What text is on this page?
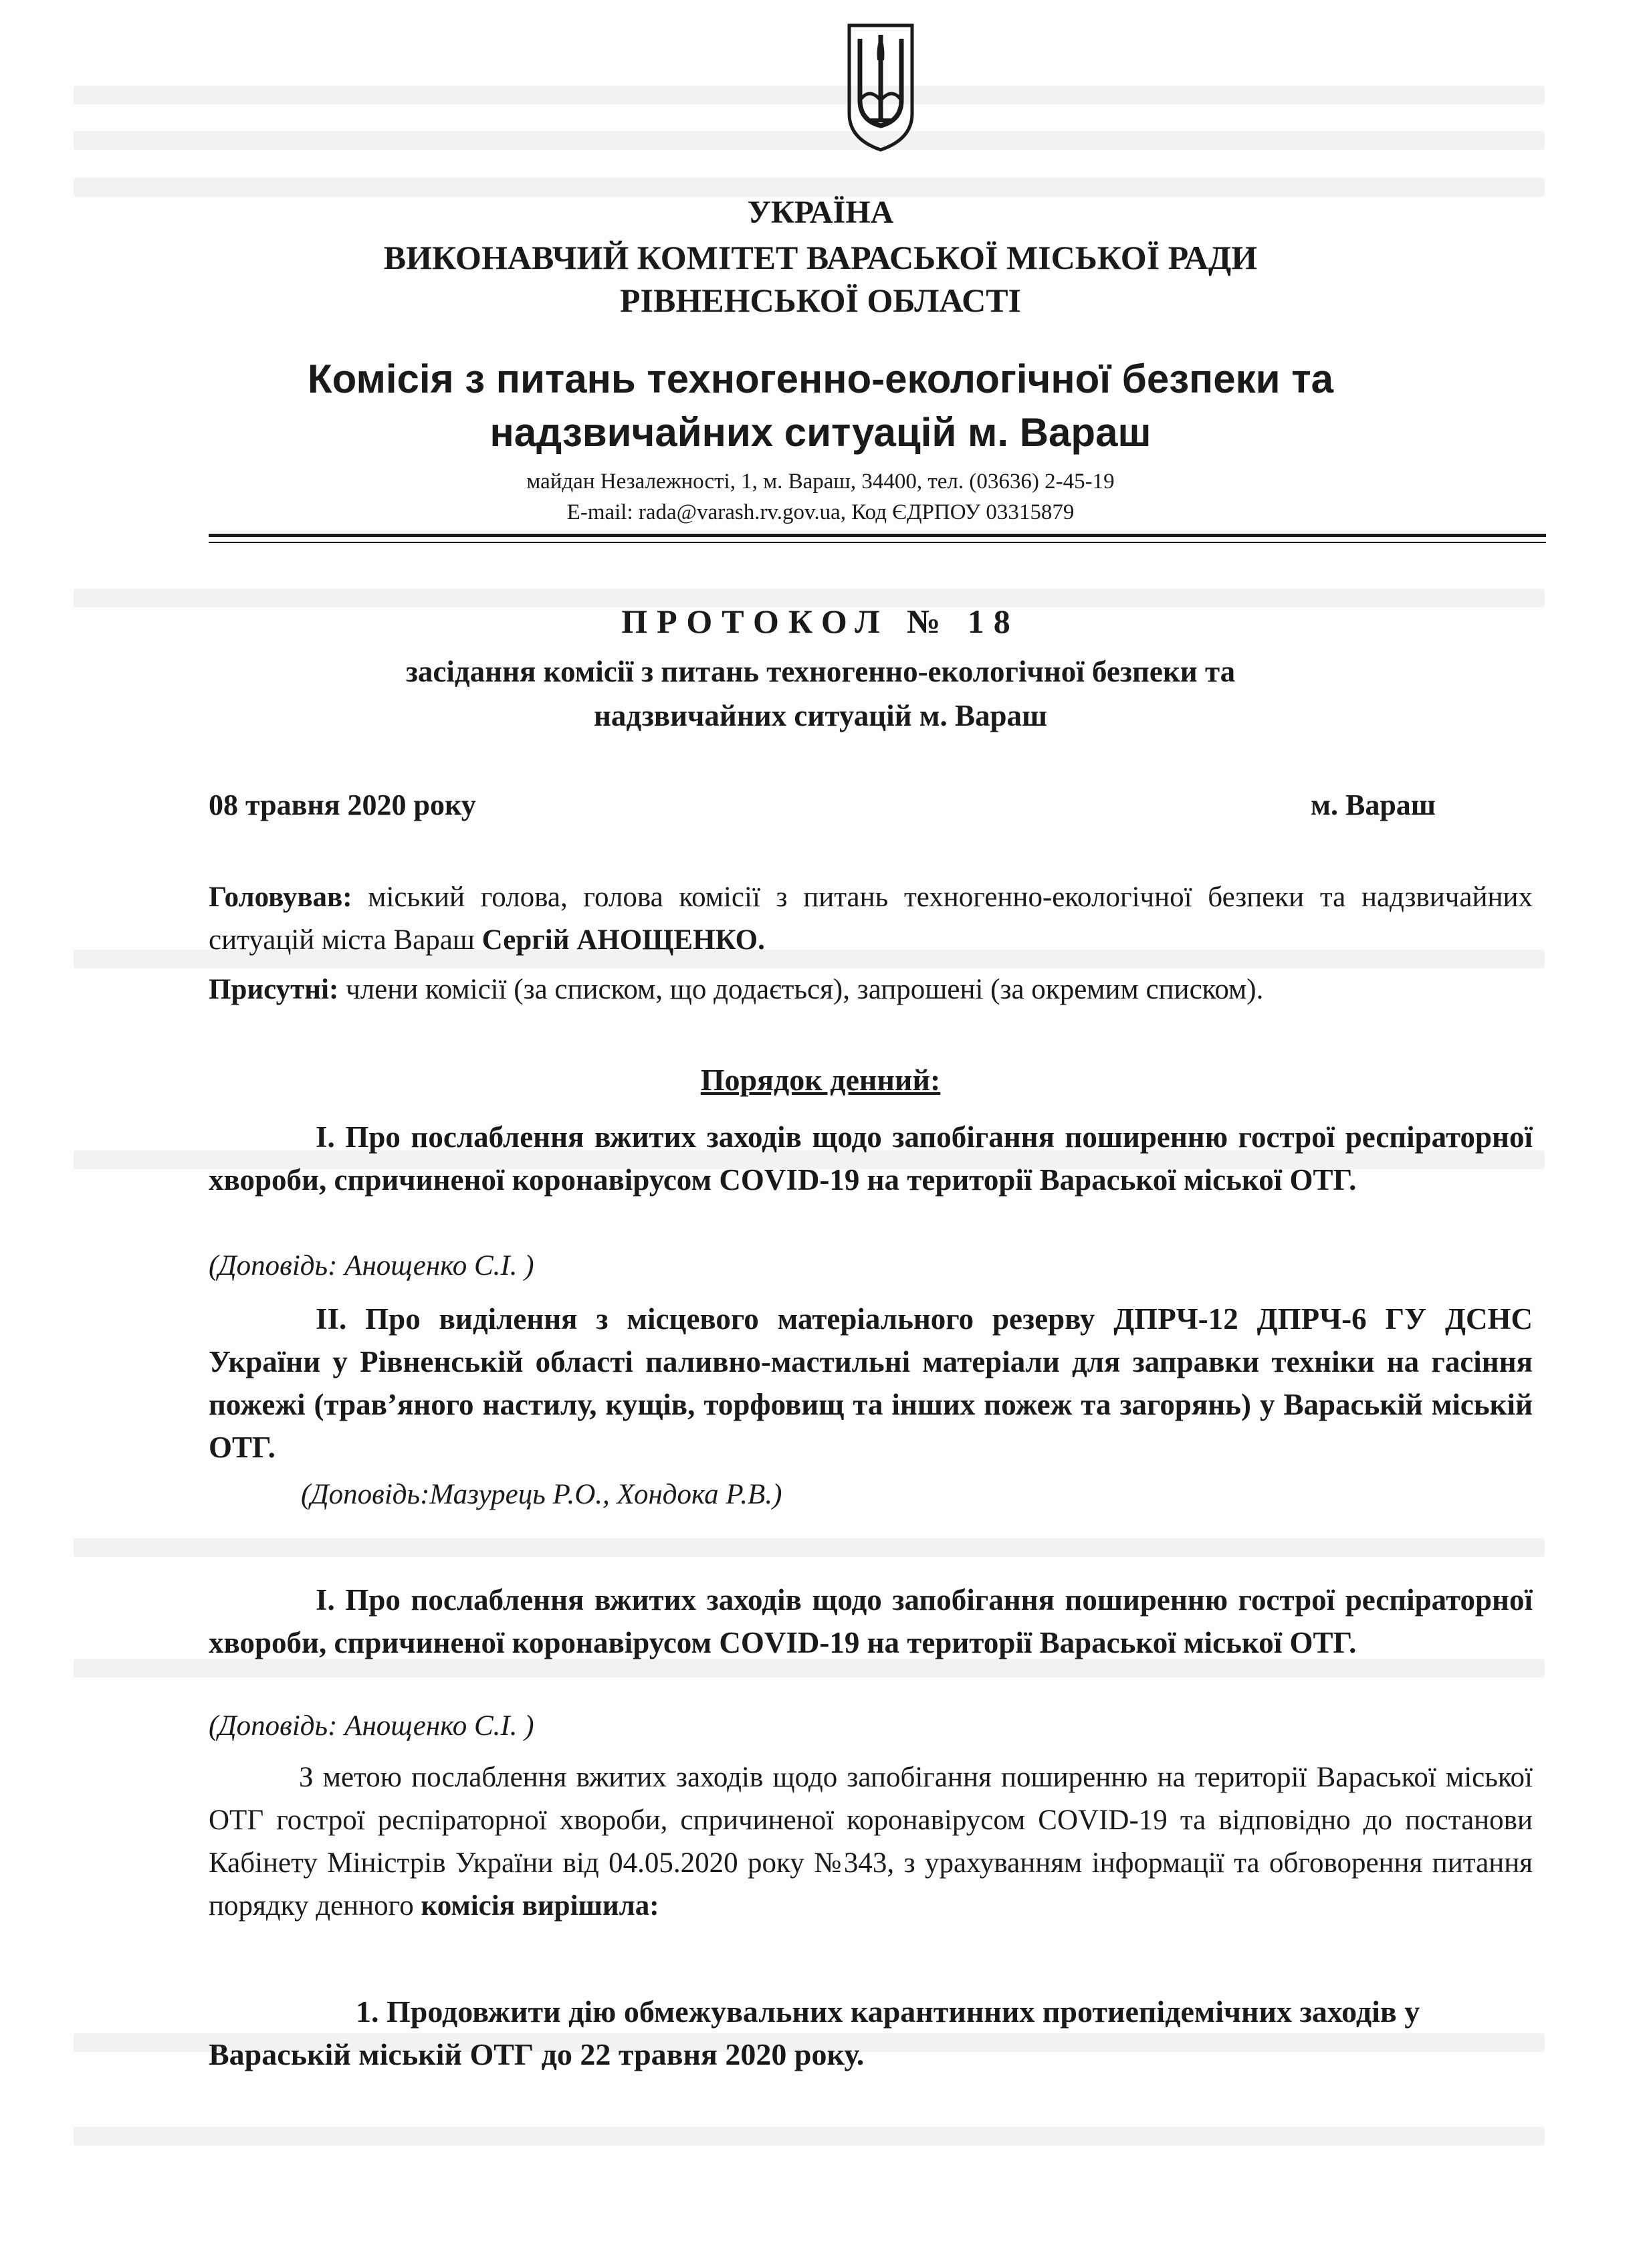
УКРАЇНА
ВИКОНАВЧИЙ КОМІТЕТ ВАРАСЬКОЇ МІСЬКОЇ РАДИ
РІВНЕНСЬКОЇ ОБЛАСТІ
Комісія з питань техногенно-екологічної безпеки та
надзвичайних ситуацій м. Вараш
майдан Незалежності, 1, м. Вараш, 34400, тел. (03636) 2-45-19
E-mail: rada@varash.rv.gov.ua, Код ЄДРПОУ 03315879
ПРОТОКОЛ № 18
засідання комісії з питань техногенно-екологічної безпеки та
надзвичайних ситуацій м. Вараш
08 травня 2020 року	м. Вараш
Головував: міський голова, голова комісії з питань техногенно-екологічної безпеки та надзвичайних ситуацій міста Вараш Сергій АНОЩЕНКО.
Присутні: члени комісії (за списком, що додається), запрошені (за окремим списком).
Порядок денний:
І. Про послаблення вжитих заходів щодо запобігання поширенню гострої респіраторної хвороби, спричиненої коронавірусом COVID-19 на території Вараської міської ОТГ.
(Доповідь: Анощенко С.І. )
ІІ. Про виділення з місцевого матеріального резерву ДПРЧ-12 ДПРЧ-6 ГУ ДСНС України у Рівненській області паливно-мастильні матеріали для заправки техніки на гасіння пожежі (трав’яного настилу, кущів, торфовищ та інших пожеж та загорянь) у Вараській міській ОТГ.
(Доповідь:Мазурець Р.О., Хондока Р.В.)
І. Про послаблення вжитих заходів щодо запобігання поширенню гострої респіраторної хвороби, спричиненої коронавірусом COVID-19 на території Вараської міської ОТГ.
(Доповідь: Анощенко С.І. )
З метою послаблення вжитих заходів щодо запобігання поширенню на території Вараської міської ОТГ гострої респіраторної хвороби, спричиненої коронавірусом COVID-19 та відповідно до постанови Кабінету Міністрів України від 04.05.2020 року №343, з урахуванням інформації та обговорення питання порядку денного комісія вирішила:
1. Продовжити дію обмежувальних карантинних протиепідемічних заходів у Вараській міській ОТГ до 22 травня 2020 року.
